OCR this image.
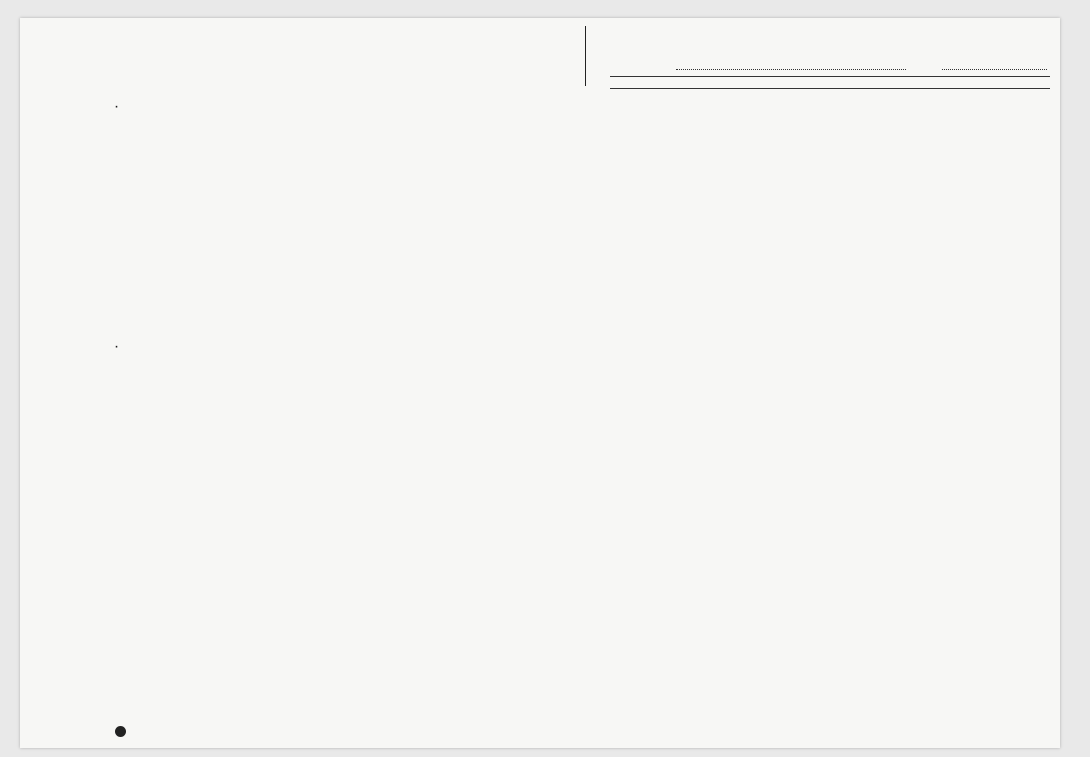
.
.
